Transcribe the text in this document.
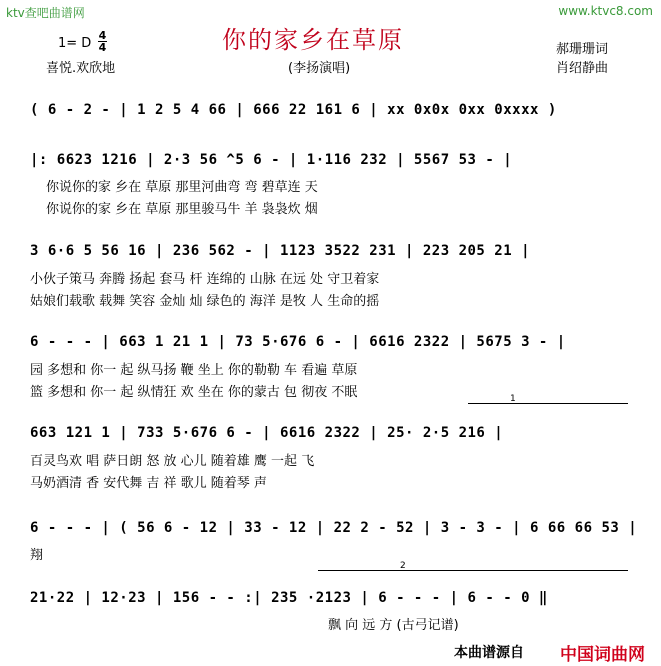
ktv查吧曲谱网	www.ktvc8.com
你的家乡在草原
1= D
4
4
喜悦.欢欣地	(李扬演唱)
郝珊珊词
肖绍静曲
( 6 - 2 - | 1 2 5 4 66 | 666 22 161 6 | xx 0x0x 0xx 0xxxx )
|: 6623 1216 | 2·3 56 ^5 6 - | 1·116 232 | 5567 53 - |
你说你的家 乡在 草原 那里河曲弯 弯 碧草连 天
你说你的家 乡在 草原 那里骏马牛 羊 袅袅炊 烟
3 6·6 5 56 16 | 236 562 - | 1123 3522 231 | 223 205 21 |
小伙子策马 奔腾 扬起 套马 杆 连绵的 山脉 在远 处 守卫着家
姑娘们载歌 载舞 笑容 金灿 灿 绿色的 海洋 是牧 人 生命的摇
6 - - - | 663 1 21 1 | 73 5·676 6 - | 6616 2322 | 5675 3 - |
园 多想和 你一 起 纵马扬 鞭 坐上 你的勒勒 车 看遍 草原
篮 多想和 你一 起 纵情狂 欢 坐在 你的蒙古 包 彻夜 不眠	1
663 121 1 | 733 5·676 6 - | 6616 2322 | 25· 2·5 216 |
百灵鸟欢 唱 萨日朗 怒 放 心儿 随着雄 鹰 一起 飞
马奶酒清 香 安代舞 吉 祥 歌儿 随着琴 声
6 - - - | ( 56 6 - 12 | 33 - 12 | 22 2 - 52 | 3 - 3 - | 6 66 66 53 |
翔
2
21·22 | 12·23 | 156 - - :| 235 ·2123 | 6 - - - | 6 - - 0 ‖
飘 向 远 方 (古弓记谱)
本曲谱源自 中国词曲网
